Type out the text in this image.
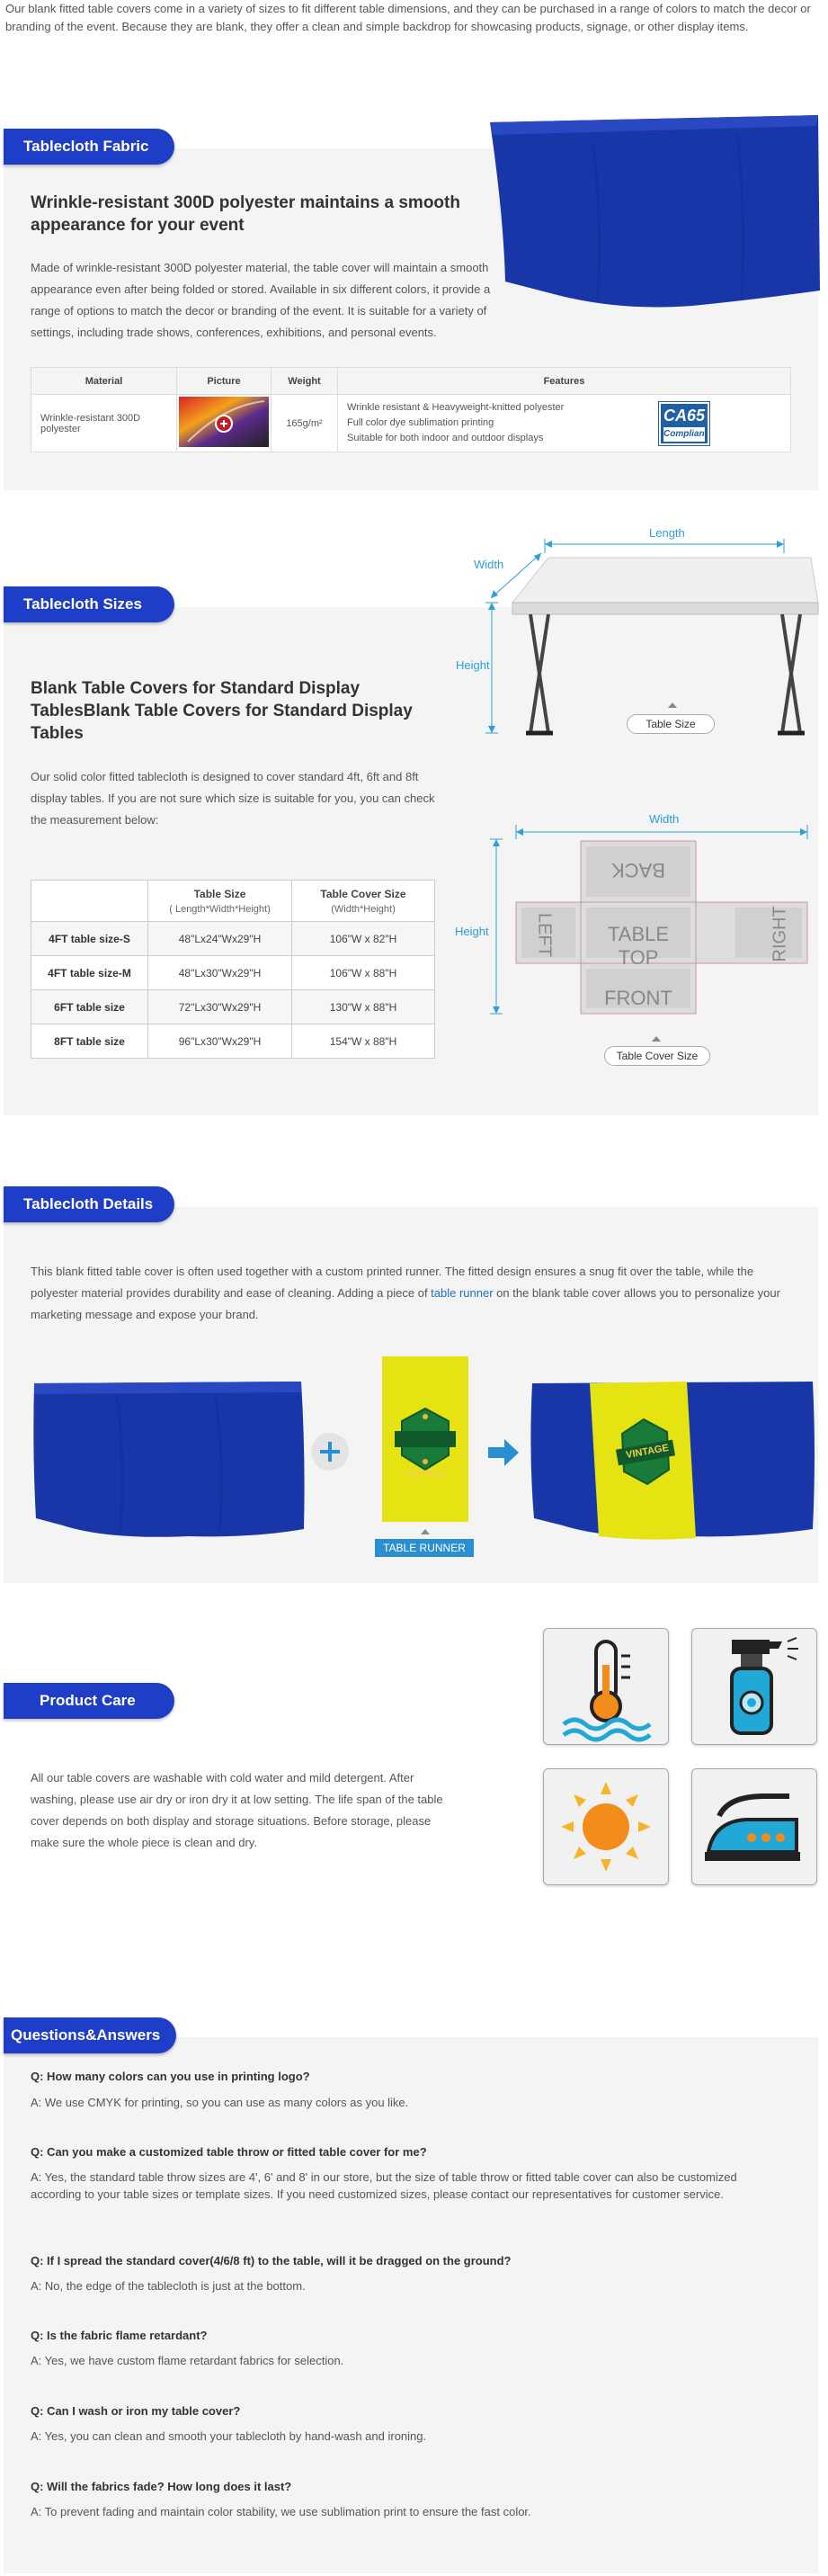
Our blank fitted table covers come in a variety of sizes to fit different table dimensions, and they can be purchased in a range of colors to match the decor or branding of the event. Because they are blank, they offer a clean and simple backdrop for showcasing products, signage, or other display items.
Tablecloth Fabric
Wrinkle-resistant 300D polyester maintains a smooth appearance for your event
Made of wrinkle-resistant 300D polyester material, the table cover will maintain a smooth appearance even after being folded or stored. Available in six different colors, it provide a range of options to match the decor or branding of the event. It is suitable for a variety of settings, including trade shows, conferences, exhibitions, and personal events.
Material	Picture	Weight	Features
Wrinkle-resistant 300D polyester		165g/m²	Wrinkle resistant & Heavyweight-knitted polyester
Full color dye sublimation printing
Suitable for both indoor and outdoor displays
CA65
Compliant
Tablecloth Sizes
Length
Width
Height
Table Size
Blank Table Covers for Standard Display TablesBlank Table Covers for Standard Display Tables
Our solid color fitted tablecloth is designed to cover standard 4ft, 6ft and 8ft display tables. If you are not sure which size is suitable for you, you can check the measurement below:
	Table Size
( Length*Width*Height)	Table Cover Size
(Width*Height)

4FT table size-S	48"Lx24"Wx29"H	106"W x 82"H
4FT table size-M	48"Lx30"Wx29"H	106"W x 88"H
6FT table size	72"Lx30"Wx29"H	130"W x 88"H
8FT table size	96"Lx30"Wx29"H	154"W x 88"H
Width
Height
BACK
TABLE TOP
LEFT	RIGHT
FRONT
Table Cover Size
Tablecloth Details
This blank fitted table cover is often used together with a custom printed runner. The fitted design ensures a snug fit over the table, while the polyester material provides durability and ease of cleaning. Adding a piece of table runner on the blank table cover allows you to personalize your marketing message and expose your brand.
VINTAGE
TABLE RUNNER
VINTAGE
Product Care
All our table covers are washable with cold water and mild detergent. After washing, please use air dry or iron dry it at low setting. The life span of the table cover depends on both display and storage situations. Before storage, please make sure the whole piece is clean and dry.
Questions&Answers
Q: How many colors can you use in printing logo?
A: We use CMYK for printing, so you can use as many colors as you like.
Q: Can you make a customized table throw or fitted table cover for me?
A: Yes, the standard table throw sizes are 4', 6' and 8' in our store, but the size of table throw or fitted table cover can also be customized according to your table sizes or template sizes. If you need customized sizes, please contact our representatives for customer service.
Q: If I spread the standard cover(4/6/8 ft) to the table, will it be dragged on the ground?
A: No, the edge of the tablecloth is just at the bottom.
Q: Is the fabric flame retardant?
A: Yes, we have custom flame retardant fabrics for selection.
Q: Can I wash or iron my table cover?
A: Yes, you can clean and smooth your tablecloth by hand-wash and ironing.
Q: Will the fabrics fade? How long does it last?
A: To prevent fading and maintain color stability, we use sublimation print to ensure the fast color.
